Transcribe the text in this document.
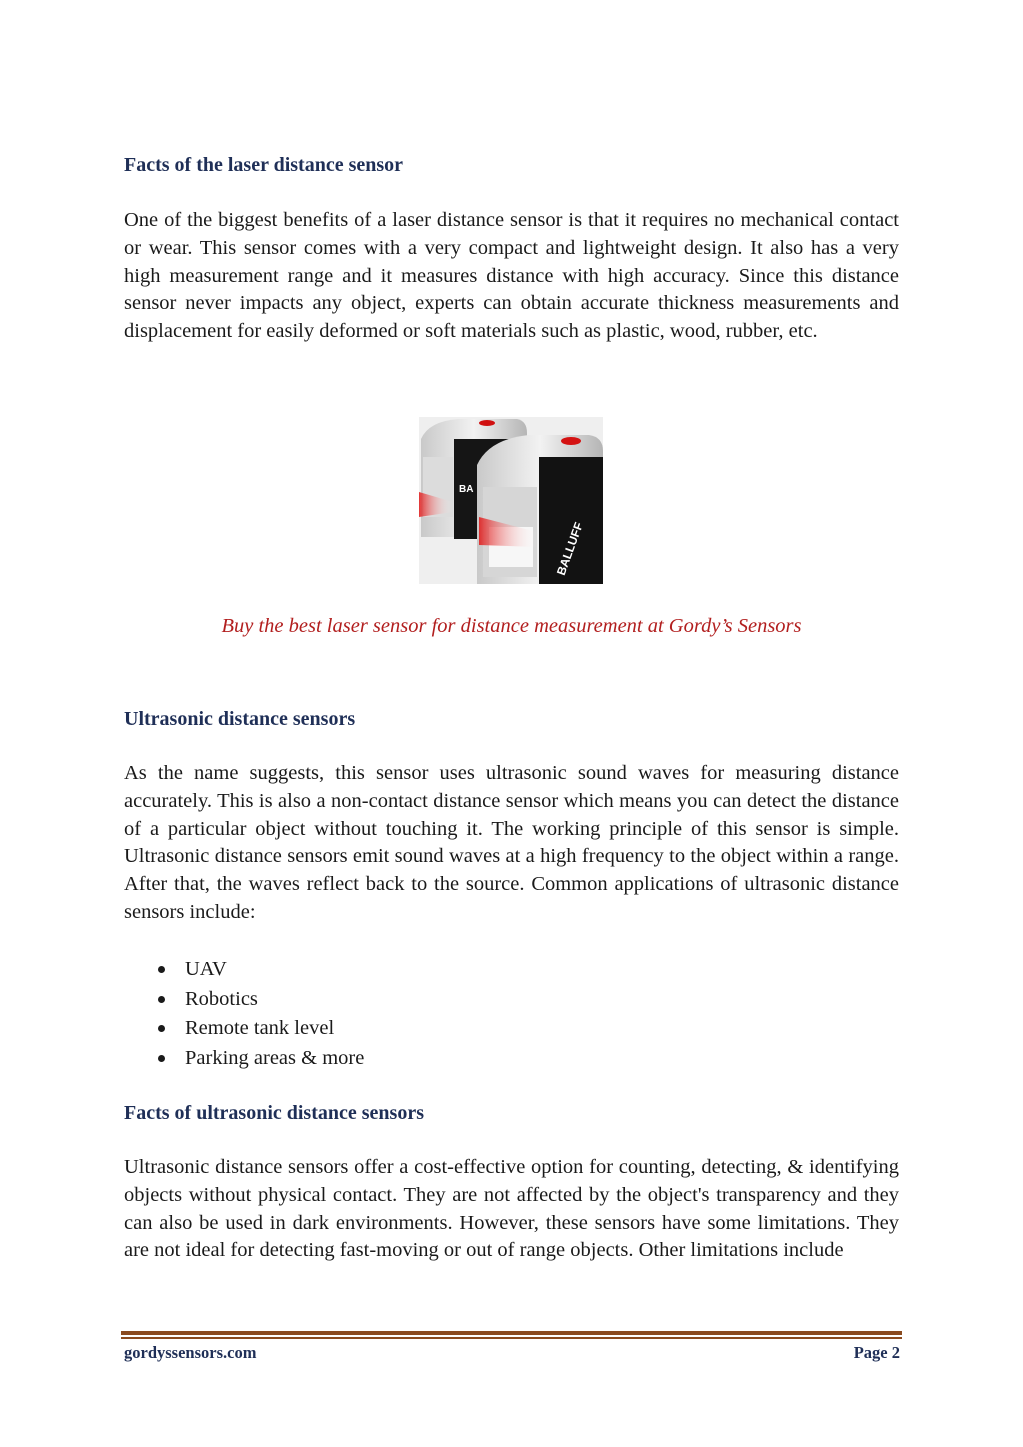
Facts of the laser distance sensor

One of the biggest benefits of a laser distance sensor is that it requires no mechanical contact or wear. This sensor comes with a very compact and lightweight design. It also has a very high measurement range and it measures distance with high accuracy. Since this distance sensor never impacts any object, experts can obtain accurate thickness measurements and displacement for easily deformed or soft materials such as plastic, wood, rubber, etc.

BA
BALLUFF
Buy the best laser sensor for distance measurement at Gordy’s Sensors
Ultrasonic distance sensors

As the name suggests, this sensor uses ultrasonic sound waves for measuring distance accurately. This is also a non-contact distance sensor which means you can detect the distance of a particular object without touching it. The working principle of this sensor is simple. Ultrasonic distance sensors emit sound waves at a high frequency to the object within a range. After that, the waves reflect back to the source. Common applications of ultrasonic distance sensors include:

UAV
Robotics
Remote tank level
Parking areas & more
Facts of ultrasonic distance sensors

Ultrasonic distance sensors offer a cost-effective option for counting, detecting, & identifying objects without physical contact. They are not affected by the object's transparency and they can also be used in dark environments. However, these sensors have some limitations. They are not ideal for detecting fast-moving or out of range objects. Other limitations include

gordyssensors.com	Page 2
